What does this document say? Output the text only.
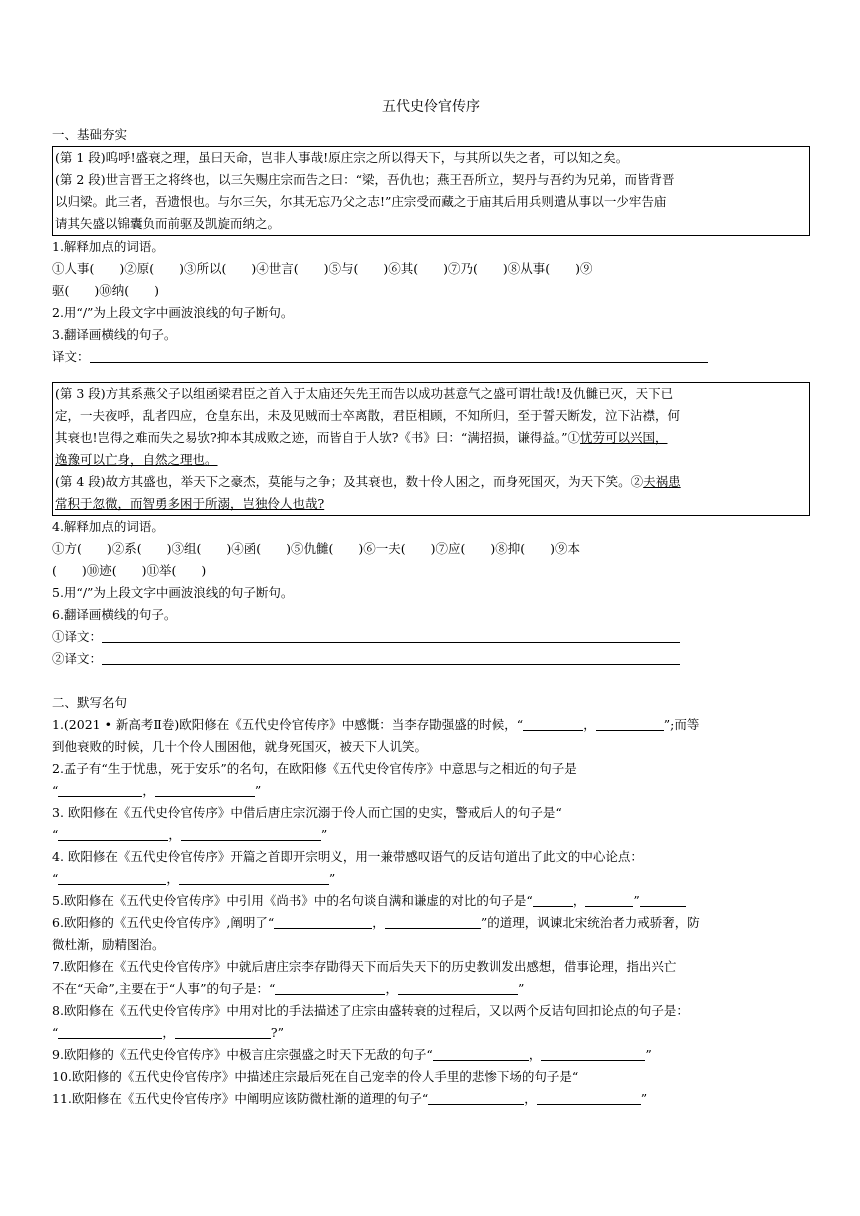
五代史伶官传序
一、基础夯实
(第 1 段)呜呼!盛衰之理，虽曰天命，岂非人事哉!原庄宗之所以得天下，与其所以失之者，可以知之矣。
(第 2 段)世言晋王之将终也，以三矢赐庄宗而告之曰：“梁，吾仇也；燕王吾所立，契丹与吾约为兄弟，而皆背晋
以归梁。此三者，吾遗恨也。与尔三矢，尔其无忘乃父之志!”庄宗受而藏之于庙其后用兵则遣从事以一少牢告庙
请其矢盛以锦囊负而前驱及凯旋而纳之。
1.解释加点的词语。
①人事(　　)②原(　　)③所以(　　)④世言(　　)⑤与(　　)⑥其(　　)⑦乃(　　)⑧从事(　　)⑨
驱(　　)⑩纳(　　)
2.用“/”为上段文字中画波浪线的句子断句。
3.翻译画横线的句子。
译文：
(第 3 段)方其系燕父子以组函梁君臣之首入于太庙还矢先王而告以成功甚意气之盛可谓壮哉!及仇雠已灭，天下已
定，一夫夜呼，乱者四应，仓皇东出，未及见贼而士卒离散，君臣相顾，不知所归，至于誓天断发，泣下沾襟，何
其衰也!岂得之难而失之易欤?抑本其成败之迹，而皆自于人欤?《书》曰：“满招损，谦得益。”①忧劳可以兴国，
逸豫可以亡身，自然之理也。
(第 4 段)故方其盛也，举天下之豪杰，莫能与之争；及其衰也，数十伶人困之，而身死国灭，为天下笑。②夫祸患
常积于忽微，而智勇多困于所溺，岂独伶人也哉?
4.解释加点的词语。
①方(　　)②系(　　)③组(　　)④函(　　)⑤仇雠(　　)⑥一夫(　　)⑦应(　　)⑧抑(　　)⑨本
(　　)⑩迹(　　)⑪举(　　)
5.用“/”为上段文字中画波浪线的句子断句。
6.翻译画横线的句子。
①译文：
②译文：
二、默写名句
1.(2021 • 新高考Ⅱ卷)欧阳修在《五代史伶官传序》中感慨：当李存勖强盛的时候，“	，	”;而等
到他衰败的时候，几十个伶人围困他，就身死国灭，被天下人讥笑。
2.孟子有“生于忧患，死于安乐”的名句，在欧阳修《五代史伶官传序》中意思与之相近的句子是
“	，	”
3. 欧阳修在《五代史伶官传序》中借后唐庄宗沉溺于伶人而亡国的史实，警戒后人的句子是“
“	，	”
4. 欧阳修在《五代史伶官传序》开篇之首即开宗明义，用一兼带感叹语气的反诘句道出了此文的中心论点：
“	，	”
5.欧阳修在《五代史伶官传序》中引用《尚书》中的名句谈自满和谦虚的对比的句子是“	，	”
6.欧阳修的《五代史伶官传序》,阐明了“	，	”的道理，讽谏北宋统治者力戒骄奢，防
微杜渐，励精图治。
7.欧阳修在《五代史伶官传序》中就后唐庄宗李存勖得天下而后失天下的历史教训发出感想，借事论理，指出兴亡
不在“天命”,主要在于“人事”的句子是：“	，	”
8.欧阳修在《五代史伶官传序》中用对比的手法描述了庄宗由盛转衰的过程后，又以两个反诘句回扣论点的句子是：
“	，	?”
9.欧阳修的《五代史伶官传序》中极言庄宗强盛之时天下无敌的句子“	，	”
10.欧阳修的《五代史伶官传序》中描述庄宗最后死在自己宠幸的伶人手里的悲惨下场的句子是“
11.欧阳修在《五代史伶官传序》中阐明应该防微杜渐的道理的句子“	，	”
